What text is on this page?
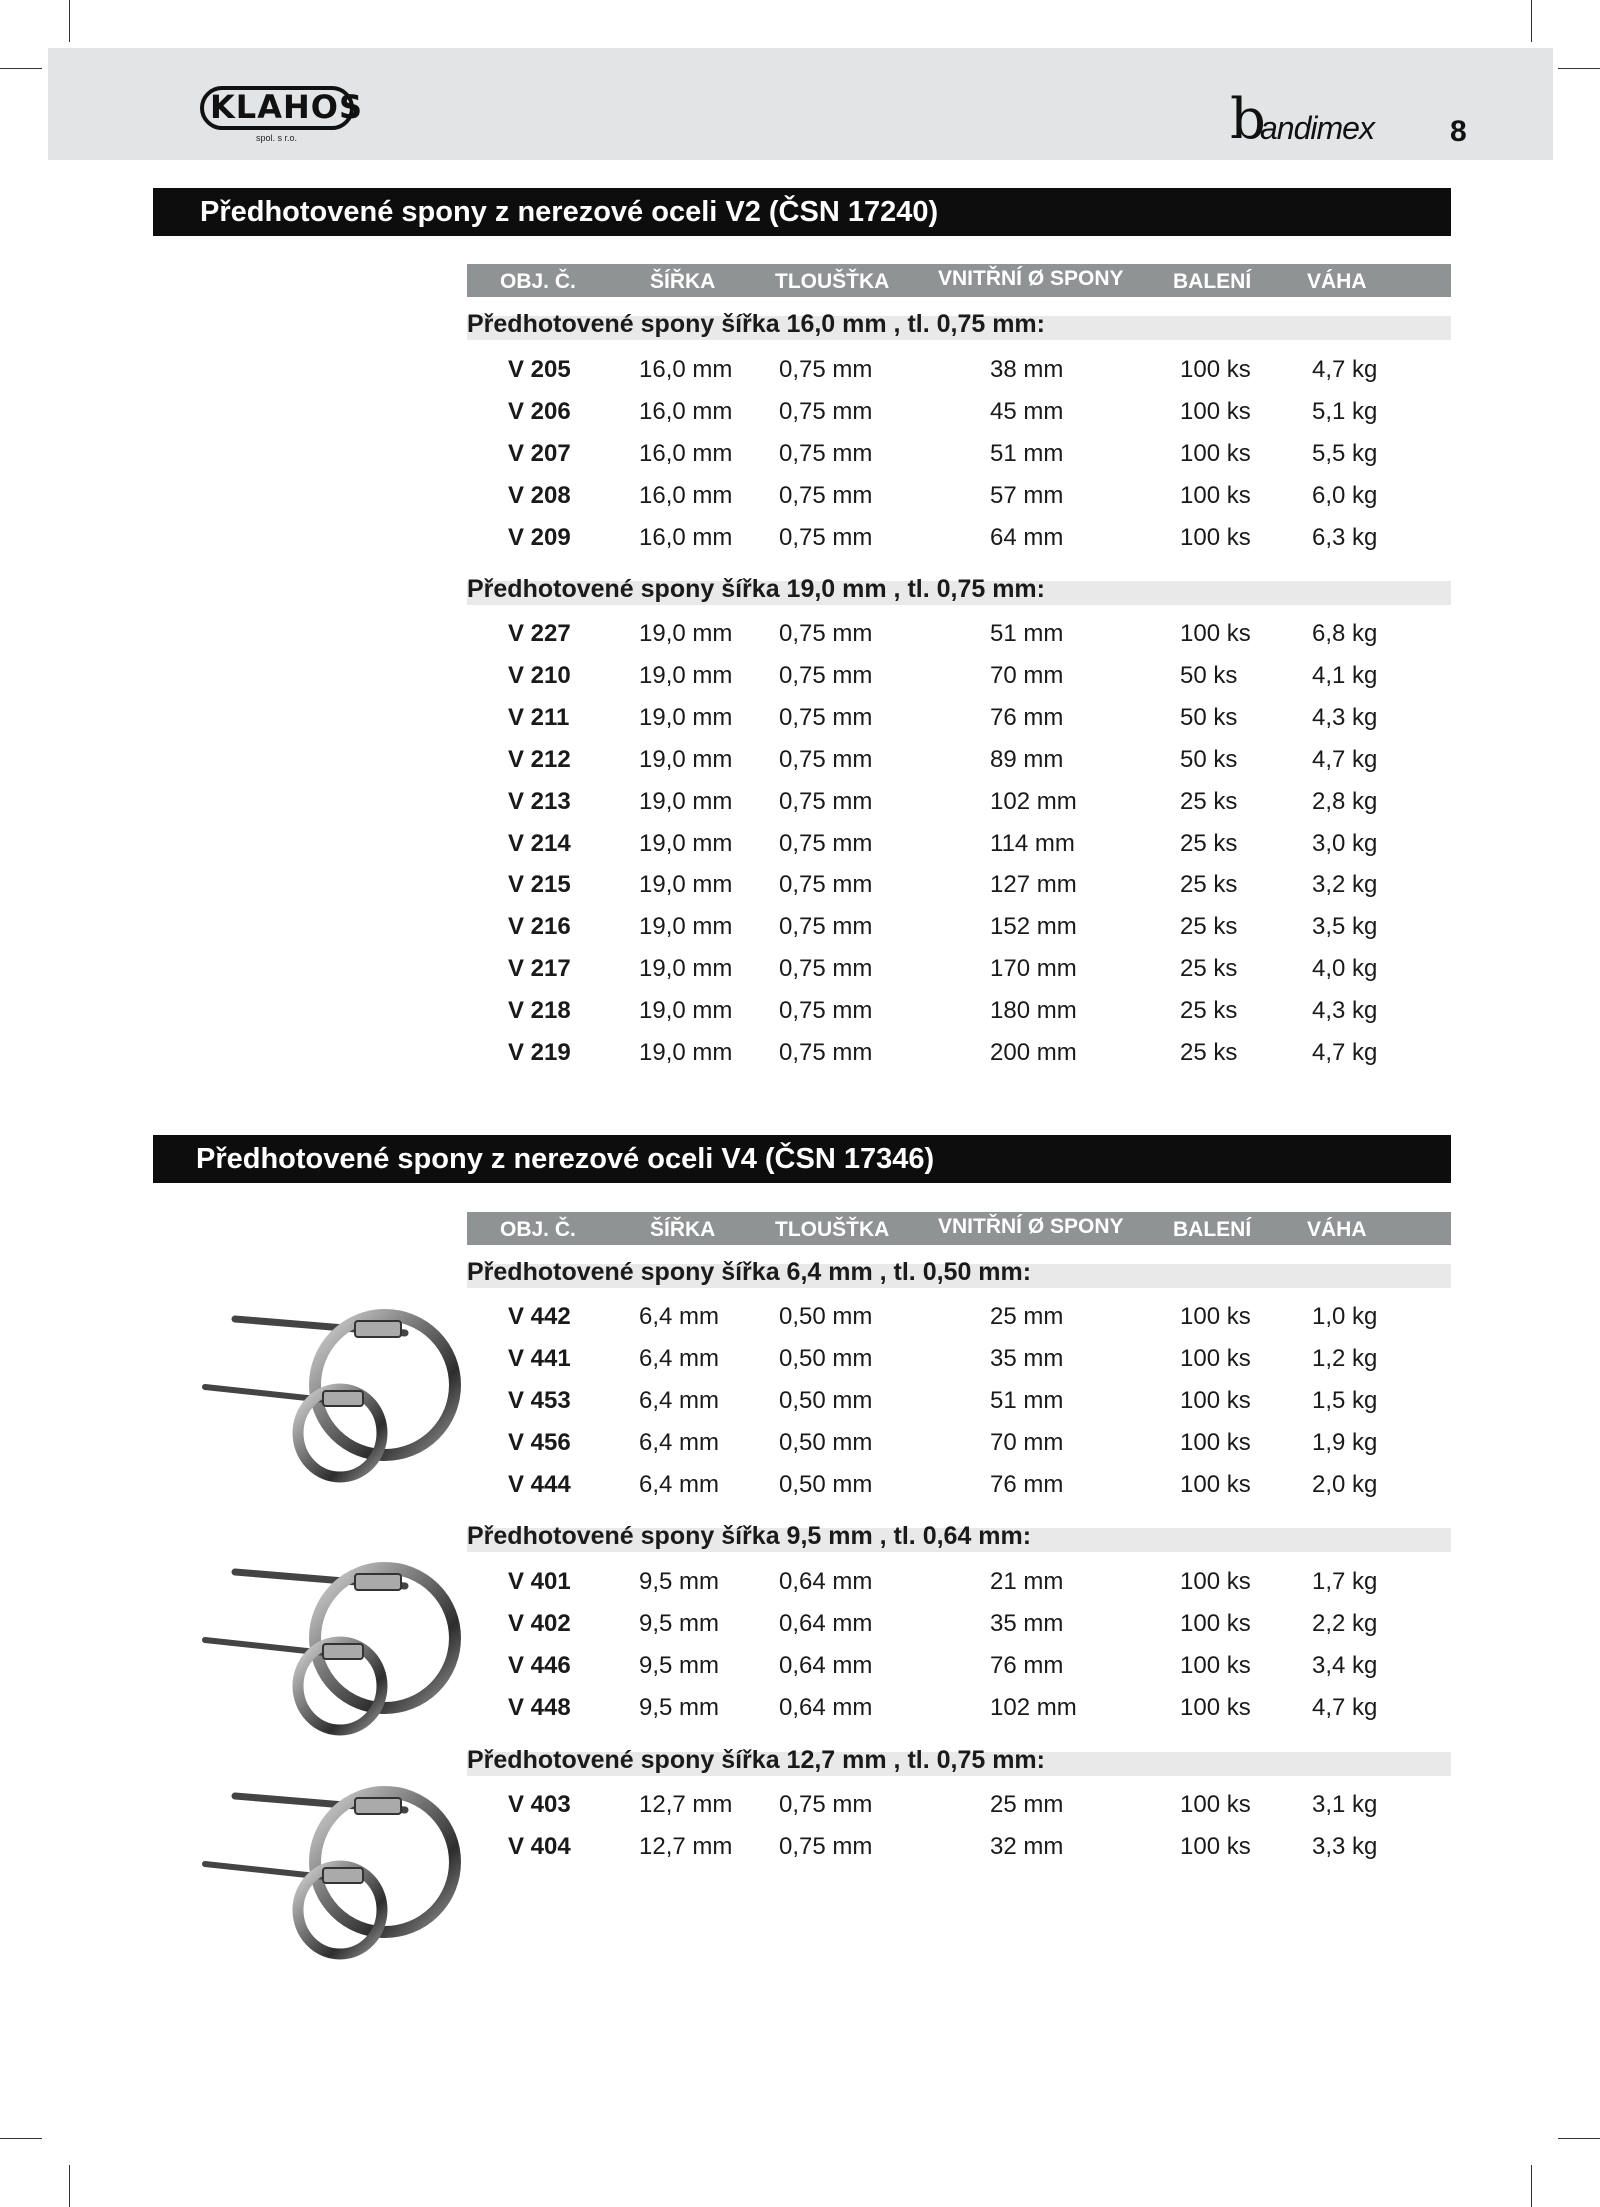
KLAHOS
spol. s r.o.	b
andimex	8
Předhotovené spony z nerezové oceli V2 (ČSN 17240)
OBJ. Č.	ŠÍŘKA	TLOUŠŤKA VNITŘNÍ Ø SPONY BALENÍ	VÁHA
Předhotovené spony šířka 16,0 mm , tl. 0,75 mm:
V 205	16,0 mm 0,75 mm	38 mm	100 ks	4,7 kg
V 206	16,0 mm 0,75 mm	45 mm	100 ks	5,1 kg
V 207	16,0 mm 0,75 mm	51 mm	100 ks	5,5 kg
V 208	16,0 mm 0,75 mm	57 mm	100 ks	6,0 kg
V 209	16,0 mm 0,75 mm	64 mm	100 ks	6,3 kg
Předhotovené spony šířka 19,0 mm , tl. 0,75 mm:
V 227	19,0 mm 0,75 mm	51 mm	100 ks	6,8 kg
V 210	19,0 mm 0,75 mm	70 mm	50 ks	4,1 kg
V 211	19,0 mm 0,75 mm	76 mm	50 ks	4,3 kg
V 212	19,0 mm 0,75 mm	89 mm	50 ks	4,7 kg
V 213	19,0 mm 0,75 mm	102 mm	25 ks	2,8 kg
V 214	19,0 mm 0,75 mm	114 mm	25 ks	3,0 kg
V 215	19,0 mm 0,75 mm	127 mm	25 ks	3,2 kg
V 216	19,0 mm 0,75 mm	152 mm	25 ks	3,5 kg
V 217	19,0 mm 0,75 mm	170 mm	25 ks	4,0 kg
V 218	19,0 mm 0,75 mm	180 mm	25 ks	4,3 kg
V 219	19,0 mm 0,75 mm	200 mm	25 ks	4,7 kg
Předhotovené spony z nerezové oceli V4 (ČSN 17346)
OBJ. Č.	ŠÍŘKA	TLOUŠŤKA VNITŘNÍ Ø SPONY BALENÍ	VÁHA
Předhotovené spony šířka 6,4 mm , tl. 0,50 mm:
V 442	6,4 mm 0,50 mm	25 mm	100 ks	1,0 kg
V 441	6,4 mm 0,50 mm	35 mm	100 ks	1,2 kg
V 453	6,4 mm 0,50 mm	51 mm	100 ks	1,5 kg
V 456	6,4 mm 0,50 mm	70 mm	100 ks	1,9 kg
V 444	6,4 mm 0,50 mm	76 mm	100 ks	2,0 kg
Předhotovené spony šířka 9,5 mm , tl. 0,64 mm:
V 401	9,5 mm 0,64 mm	21 mm	100 ks	1,7 kg
V 402	9,5 mm 0,64 mm	35 mm	100 ks	2,2 kg
V 446	9,5 mm 0,64 mm	76 mm	100 ks	3,4 kg
V 448	9,5 mm 0,64 mm	102 mm	100 ks	4,7 kg
Předhotovené spony šířka 12,7 mm , tl. 0,75 mm:
V 403	12,7 mm 0,75 mm	25 mm	100 ks	3,1 kg
V 404	12,7 mm 0,75 mm	32 mm	100 ks	3,3 kg
